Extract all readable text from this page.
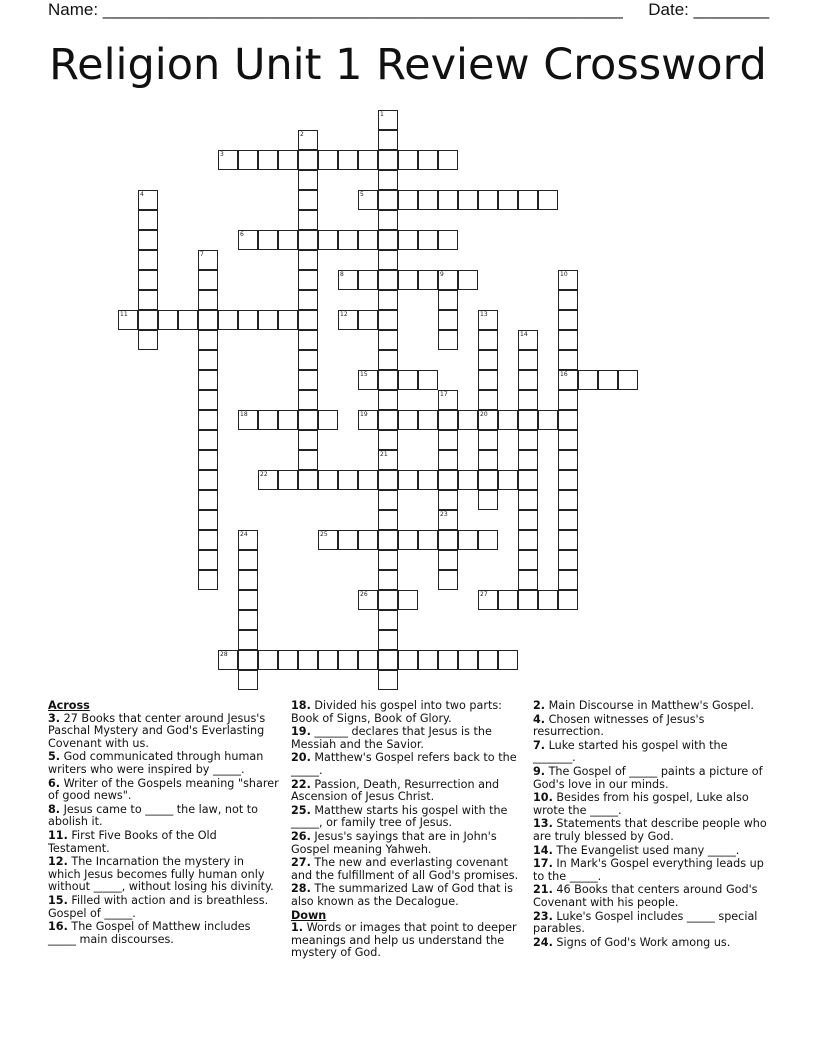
Name: _______________________________________________________ Date: ________
Religion Unit 1 Review Crossword
1
2
3
4	5
6
7
8	9	10
11	12	13
14
15	16
17
18	19	20
21
22
23
24	25
26	27
28
Across
3. 27 Books that center around Jesus's Paschal Mystery and God's Everlasting Covenant with us.
5. God communicated through human writers who were inspired by _____.
6. Writer of the Gospels meaning "sharer of good news".
8. Jesus came to _____ the law, not to abolish it.
11. First Five Books of the Old Testament.
12. The Incarnation the mystery in which Jesus becomes fully human only without _____, without losing his divinity.
15. Filled with action and is breathless. Gospel of _____.
16. The Gospel of Matthew includes _____ main discourses.
18. Divided his gospel into two parts: Book of Signs, Book of Glory.
19. ______ declares that Jesus is the Messiah and the Savior.
20. Matthew's Gospel refers back to the _____.
22. Passion, Death, Resurrection and Ascension of Jesus Christ.
25. Matthew starts his gospel with the _____, or family tree of Jesus.
26. Jesus's sayings that are in John's Gospel meaning Yahweh.
27. The new and everlasting covenant and the fulfillment of all God's promises.
28. The summarized Law of God that is also known as the Decalogue.
Down
1. Words or images that point to deeper meanings and help us understand the mystery of God.
2. Main Discourse in Matthew's Gospel.
4. Chosen witnesses of Jesus's resurrection.
7. Luke started his gospel with the _______.
9. The Gospel of _____ paints a picture of God's love in our minds.
10. Besides from his gospel, Luke also wrote the _____.
13. Statements that describe people who are truly blessed by God.
14. The Evangelist used many _____.
17. In Mark's Gospel everything leads up to the _____.
21. 46 Books that centers around God's Covenant with his people.
23. Luke's Gospel includes _____ special parables.
24. Signs of God's Work among us.
